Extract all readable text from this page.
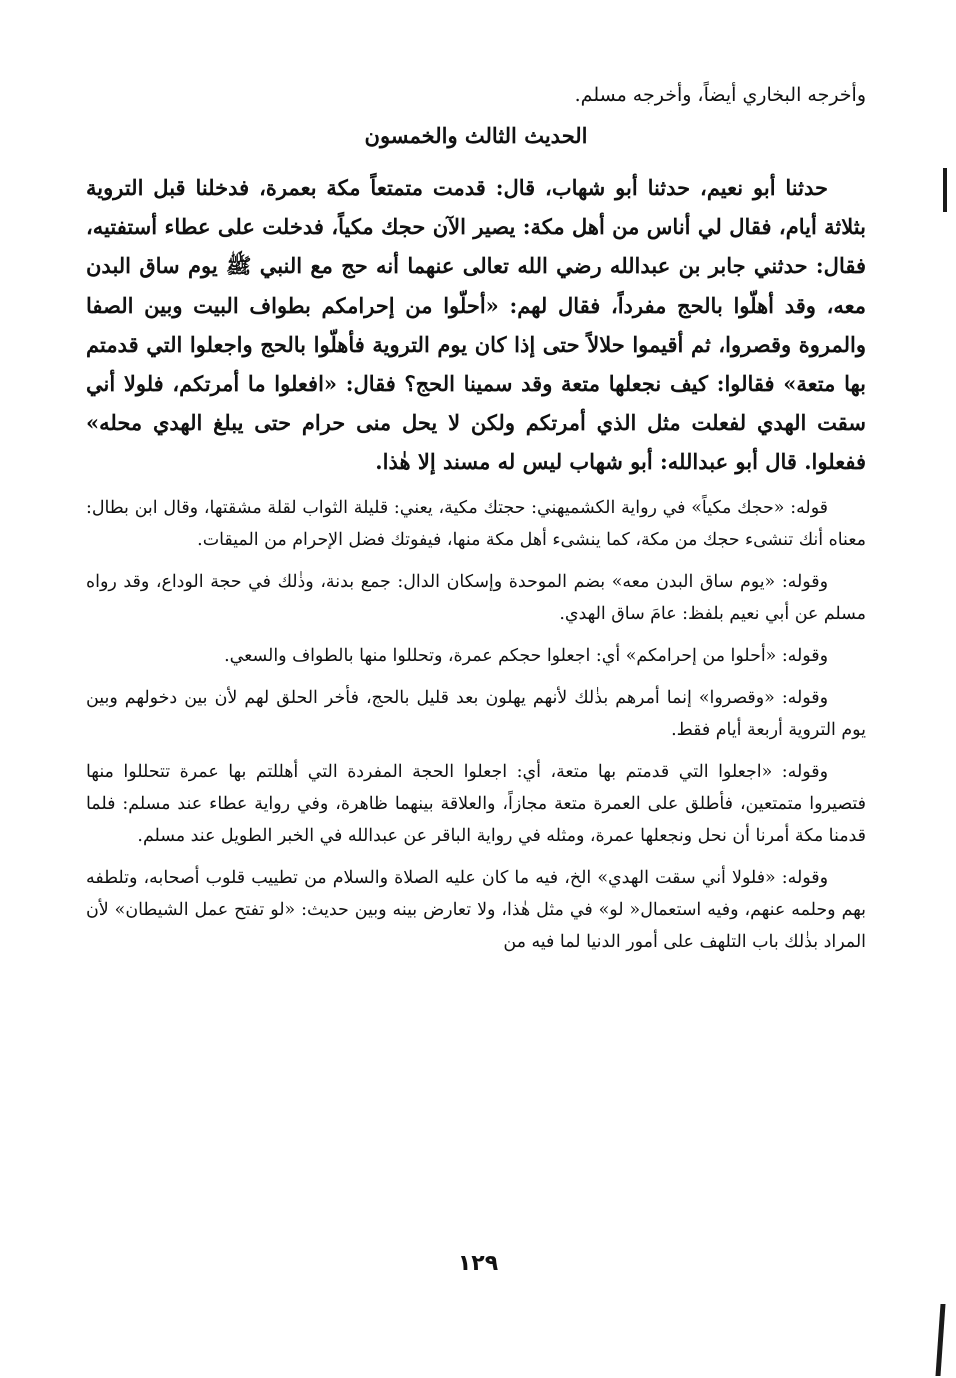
وأخرجه البخاري أيضاً، وأخرجه مسلم.

الحديث الثالث والخمسون

حدثنا أبو نعيم، حدثنا أبو شهاب، قال: قدمت متمتعاً مكة بعمرة، فدخلنا قبل التروية بثلاثة أيام، فقال لي أناس من أهل مكة: يصير الآن حجك مكياً، فدخلت على عطاء أستفتيه، فقال: حدثني جابر بن عبدالله رضي الله تعالى عنهما أنه حج مع النبي ﷺ يوم ساق البدن معه، وقد أهلّوا بالحج مفرداً، فقال لهم: «أحلّوا من إحرامكم بطواف البيت وبين الصفا والمروة وقصروا، ثم أقيموا حلالاً حتى إذا كان يوم التروية فأهلّوا بالحج واجعلوا التي قدمتم بها متعة» فقالوا: كيف نجعلها متعة وقد سمينا الحج؟ فقال: «افعلوا ما أمرتكم، فلولا أني سقت الهدي لفعلت مثل الذي أمرتكم ولكن لا يحل منى حرام حتى يبلغ الهدي محله» ففعلوا. قال أبو عبدالله: أبو شهاب ليس له مسند إلا هٰذا.

قوله: «حجك مكياً» في رواية الكشميهني: حجتك مكية، يعني: قليلة الثواب لقلة مشقتها، وقال ابن بطال: معناه أنك تنشىء حجك من مكة، كما ينشىء أهل مكة منها، فيفوتك فضل الإحرام من الميقات.

وقوله: «يوم ساق البدن معه» بضم الموحدة وإسكان الدال: جمع بدنة، وذٰلك في حجة الوداع، وقد رواه مسلم عن أبي نعيم بلفظ: عامَ ساق الهدي.

وقوله: «أحلوا من إحرامكم» أي: اجعلوا حجكم عمرة، وتحللوا منها بالطواف والسعي.

وقوله: «وقصروا» إنما أمرهم بذٰلك لأنهم يهلون بعد قليل بالحج، فأخر الحلق لهم لأن بين دخولهم وبين يوم التروية أربعة أيام فقط.

وقوله: «اجعلوا التي قدمتم بها متعة، أي: اجعلوا الحجة المفردة التي أهللتم بها عمرة تتحللوا منها فتصيروا متمتعين، فأطلق على العمرة متعة مجازاً، والعلاقة بينهما ظاهرة، وفي رواية عطاء عند مسلم: فلما قدمنا مكة أمرنا أن نحل ونجعلها عمرة، ومثله في رواية الباقر عن عبدالله في الخبر الطويل عند مسلم.

وقوله: «فلولا أني سقت الهدي» الخ، فيه ما كان عليه الصلاة والسلام من تطييب قلوب أصحابه، وتلطفه بهم وحلمه عنهم، وفيه استعمال« لو» في مثل هٰذا، ولا تعارض بينه وبين حديث: «لو تفتح عمل الشيطان» لأن المراد بذٰلك باب التلهف على أمور الدنيا لما فيه من

١٢٩
